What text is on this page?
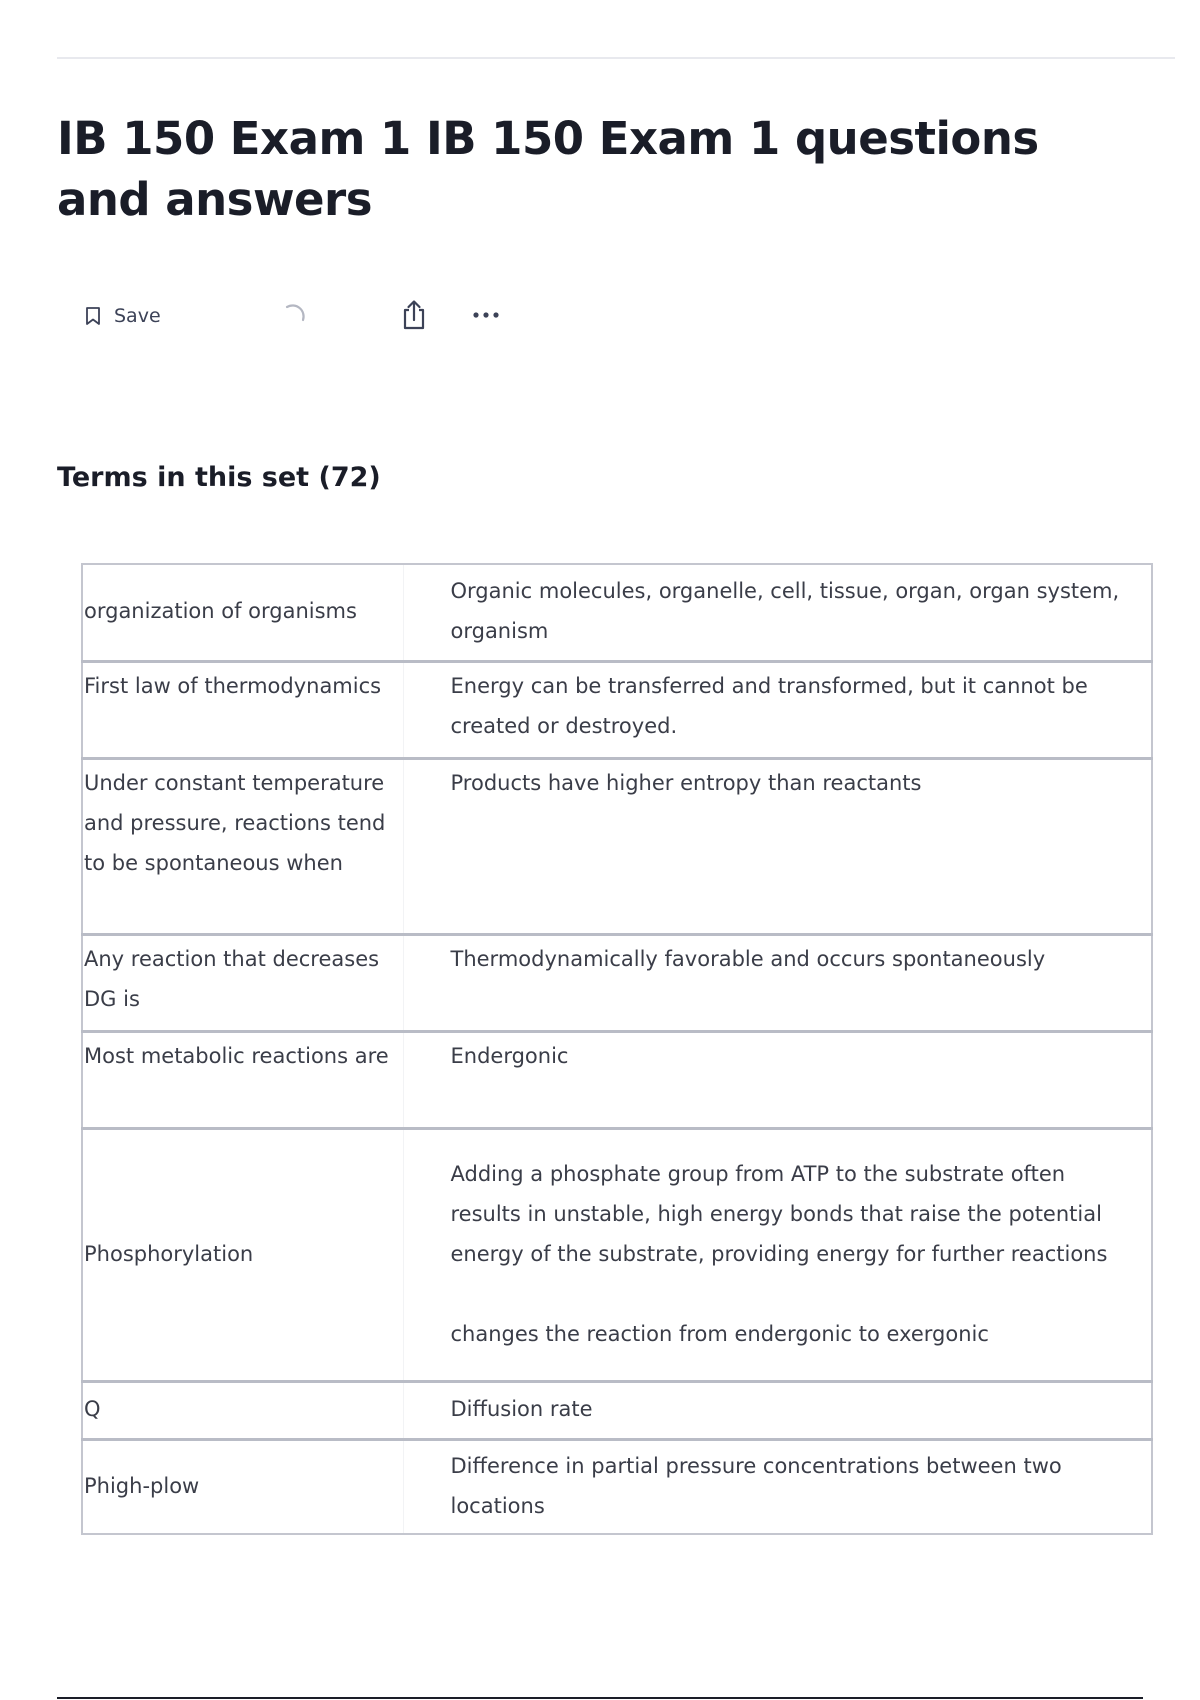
IB 150 Exam 1 IB 150 Exam 1 questions and answers
Save
Terms in this set (72)
organization of organisms	Organic molecules, organelle, cell, tissue, organ, organ system, organism

First law of thermodynamics	Energy can be transferred and transformed, but it cannot be created or destroyed.

Under constant temperature and pressure, reactions tend to be spontaneous when	Products have higher entropy than reactants

Any reaction that decreases DG is	Thermodynamically favorable and occurs spontaneously

Most metabolic reactions are	Endergonic

Phosphorylation	Adding a phosphate group from ATP to the substrate often results in unstable, high energy bonds that raise the potential energy of the substrate, providing energy for further reactions
changes the reaction from endergonic to exergonic

Q	Diffusion rate

Phigh-plow	Difference in partial pressure concentrations between two locations
